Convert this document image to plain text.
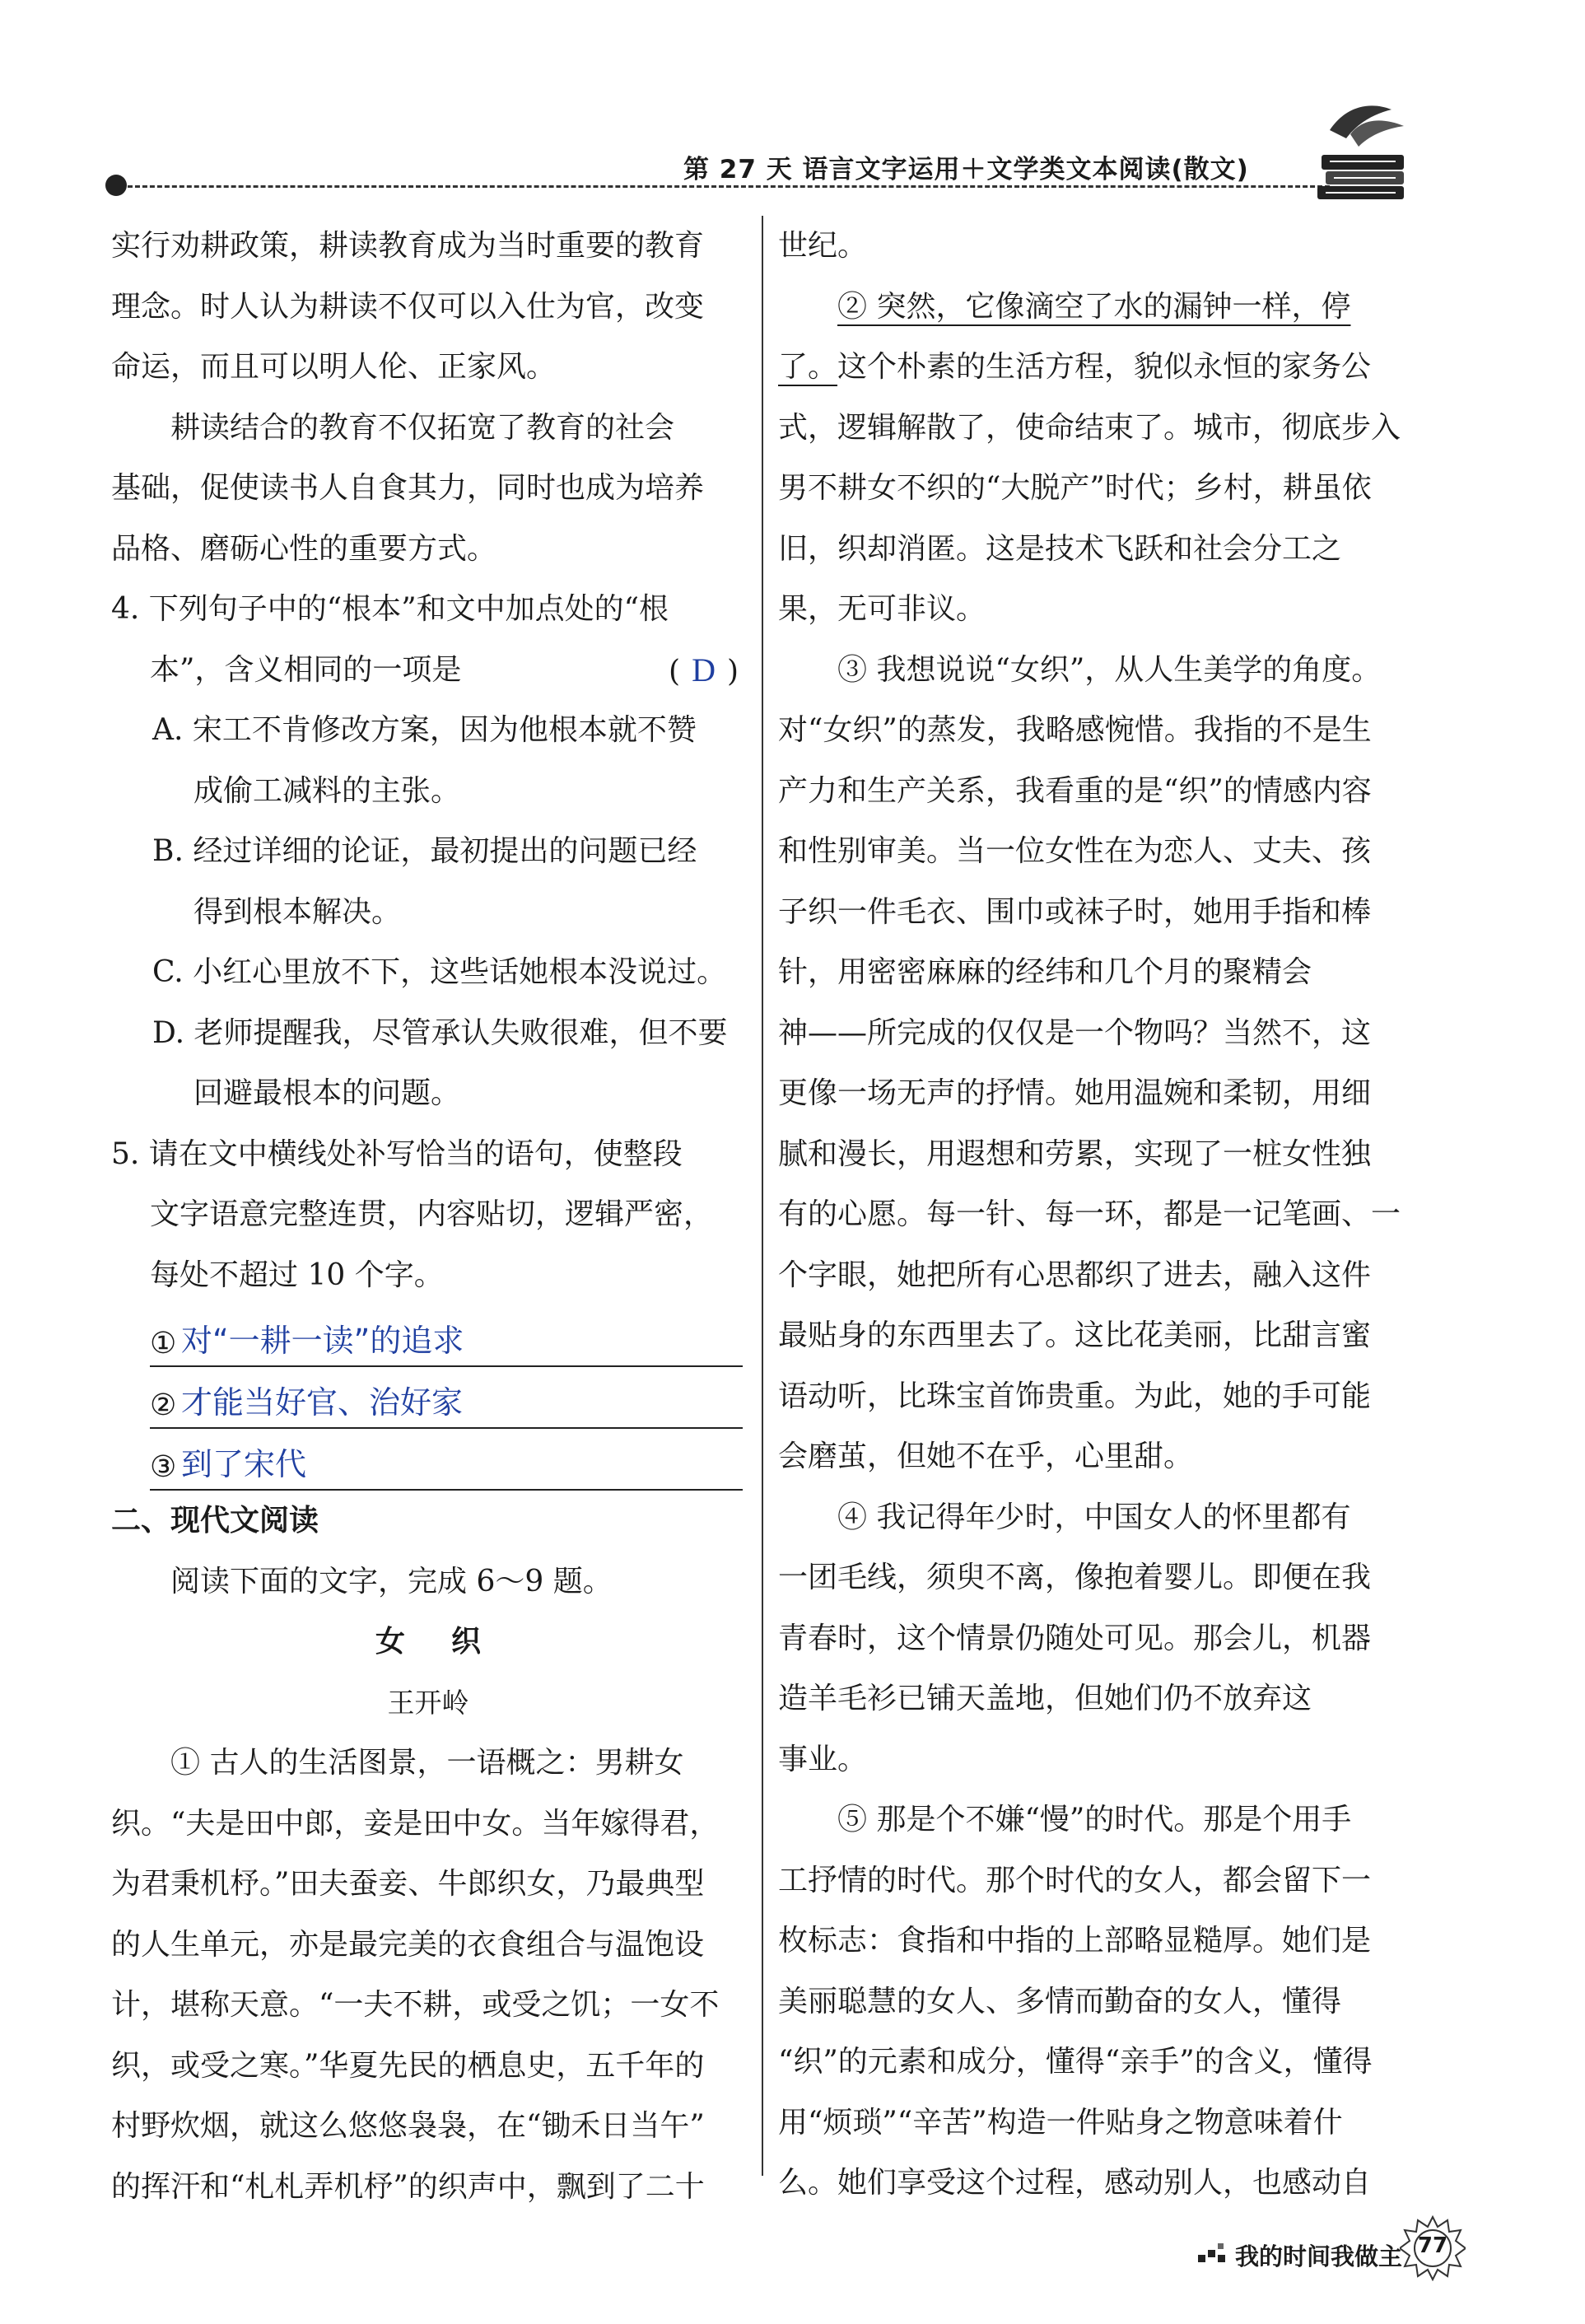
第 27 天 语言文字运用＋文学类文本阅读(散文)

实行劝耕政策，耕读教育成为当时重要的教育

理念。时人认为耕读不仅可以入仕为官，改变

命运，而且可以明人伦、正家风。

耕读结合的教育不仅拓宽了教育的社会

基础，促使读书人自食其力，同时也成为培养

品格、磨砺心性的重要方式。

4. 下列句子中的“根本”和文中加点处的“根

本”，含义相同的一项是	( D )

A. 宋工不肯修改方案，因为他根本就不赞

成偷工减料的主张。

B. 经过详细的论证，最初提出的问题已经

得到根本解决。

C. 小红心里放不下，这些话她根本没说过。

D. 老师提醒我，尽管承认失败很难，但不要

回避最根本的问题。

5. 请在文中横线处补写恰当的语句，使整段

文字语意完整连贯，内容贴切，逻辑严密，

每处不超过 10 个字。

① 对“一耕一读”的追求
② 才能当好官、治好家
③ 到了宋代

二、现代文阅读

阅读下面的文字，完成 6～9 题。

女织

王开岭

① 古人的生活图景，一语概之：男耕女

织。“夫是田中郎，妾是田中女。当年嫁得君，

为君秉机杼。”田夫蚕妾、牛郎织女，乃最典型

的人生单元，亦是最完美的衣食组合与温饱设

计，堪称天意。“一夫不耕，或受之饥；一女不

织，或受之寒。”华夏先民的栖息史，五千年的

村野炊烟，就这么悠悠袅袅，在“锄禾日当午”

的挥汗和“札札弄机杼”的织声中，飘到了二十

世纪。

② 突然，它像滴空了水的漏钟一样，停

了。这个朴素的生活方程，貌似永恒的家务公

式，逻辑解散了，使命结束了。城市，彻底步入

男不耕女不织的“大脱产”时代；乡村，耕虽依

旧，织却消匿。这是技术飞跃和社会分工之

果，无可非议。

③ 我想说说“女织”，从人生美学的角度。

对“女织”的蒸发，我略感惋惜。我指的不是生

产力和生产关系，我看重的是“织”的情感内容

和性别审美。当一位女性在为恋人、丈夫、孩

子织一件毛衣、围巾或袜子时，她用手指和棒

针，用密密麻麻的经纬和几个月的聚精会

神——所完成的仅仅是一个物吗？当然不，这

更像一场无声的抒情。她用温婉和柔韧，用细

腻和漫长，用遐想和劳累，实现了一桩女性独

有的心愿。每一针、每一环，都是一记笔画、一

个字眼，她把所有心思都织了进去，融入这件

最贴身的东西里去了。这比花美丽，比甜言蜜

语动听，比珠宝首饰贵重。为此，她的手可能

会磨茧，但她不在乎，心里甜。

④ 我记得年少时，中国女人的怀里都有

一团毛线，须臾不离，像抱着婴儿。即便在我

青春时，这个情景仍随处可见。那会儿，机器

造羊毛衫已铺天盖地，但她们仍不放弃这

事业。

⑤ 那是个不嫌“慢”的时代。那是个用手

工抒情的时代。那个时代的女人，都会留下一

枚标志：食指和中指的上部略显糙厚。她们是

美丽聪慧的女人、多情而勤奋的女人，懂得

“织”的元素和成分，懂得“亲手”的含义，懂得

用“烦琐”“辛苦”构造一件贴身之物意味着什

么。她们享受这个过程，感动别人，也感动自

我的时间我做主 77
